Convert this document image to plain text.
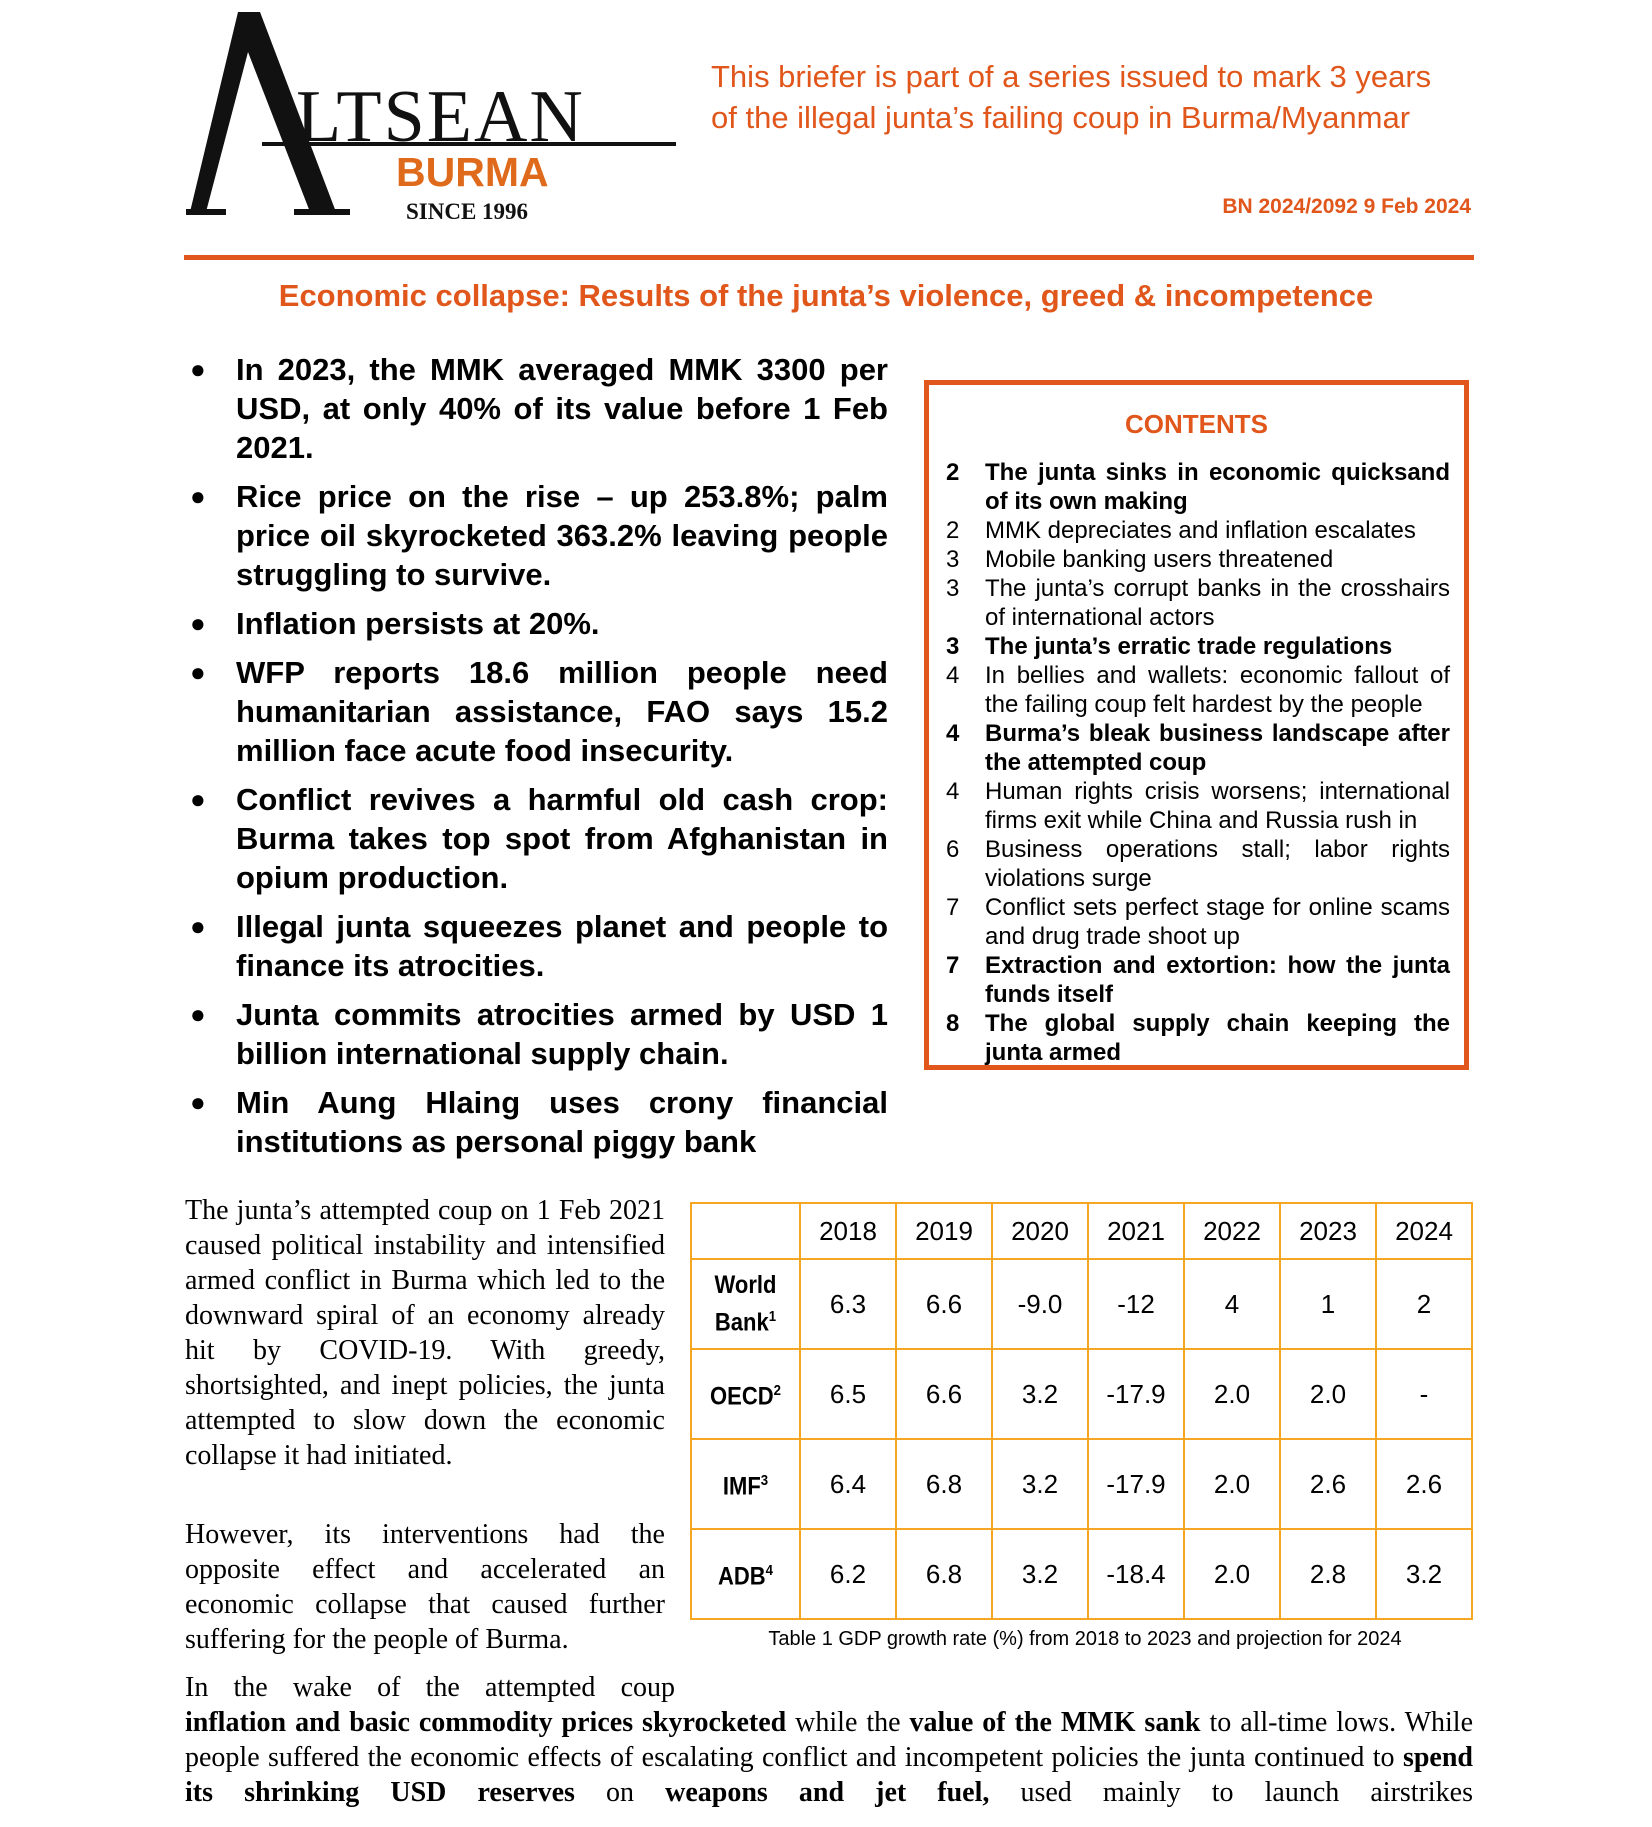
LTSEAN
BURMA
SINCE 1996
This briefer is part of a series issued to mark 3 years
of the illegal junta’s failing coup in Burma/Myanmar
BN 2024/2092 9 Feb 2024
Economic collapse: Results of the junta’s violence, greed & incompetence
● In 2023, the MMK averaged MMK 3300 per USD, at only 40% of its value before 1 Feb 2021.
● Rice price on the rise – up 253.8%; palm price oil skyrocketed 363.2% leaving people struggling to survive.
● Inflation persists at 20%.
● WFP reports 18.6 million people need humanitarian assistance, FAO says 15.2 million face acute food insecurity.
● Conflict revives a harmful old cash crop: Burma takes top spot from Afghanistan in opium production.
● Illegal junta squeezes planet and people to finance its atrocities.
● Junta commits atrocities armed by USD 1 billion international supply chain.
● Min Aung Hlaing uses crony financial institutions as personal piggy bank
CONTENTS
2	The junta sinks in economic quicksand of its own making
2	MMK depreciates and inflation escalates
3	Mobile banking users threatened
3	The junta’s corrupt banks in the crosshairs of international actors
3	The junta’s erratic trade regulations
4	In bellies and wallets: economic fallout of the failing coup felt hardest by the people
4	Burma’s bleak business landscape after the attempted coup
4	Human rights crisis worsens; international firms exit while China and Russia rush in
6	Business operations stall; labor rights violations surge
7	Conflict sets perfect stage for online scams and drug trade shoot up
7	Extraction and extortion: how the junta funds itself
8	The global supply chain keeping the junta armed
The junta’s attempted coup on 1 Feb 2021 caused political instability and intensified armed conflict in Burma which led to the downward spiral of an economy already hit by COVID-19. With greedy, shortsighted, and inept policies, the junta attempted to slow down the economic collapse it had initiated.
However, its interventions had the opposite effect and accelerated an economic collapse that caused further suffering for the people of Burma.
In the wake of the attempted coup
inflation and basic commodity prices skyrocketed while the value of the MMK sank to all-time lows. While people suffered the economic effects of escalating conflict and incompetent policies the junta continued to spend its shrinking USD reserves on weapons and jet fuel, used mainly to launch airstrikes
	2018	2019	2020	2021	2022	2023	2024
World Bank$^1$	6.3	6.6	-9.0	-12	4	1	2
OECD$^2$	6.5	6.6	3.2	-17.9	2.0	2.0	-
IMF$^3$	6.4	6.8	3.2	-17.9	2.0	2.6	2.6
ADB$^4$	6.2	6.8	3.2	-18.4	2.0	2.8	3.2
Table 1 GDP growth rate (%) from 2018 to 2023 and projection for 2024
